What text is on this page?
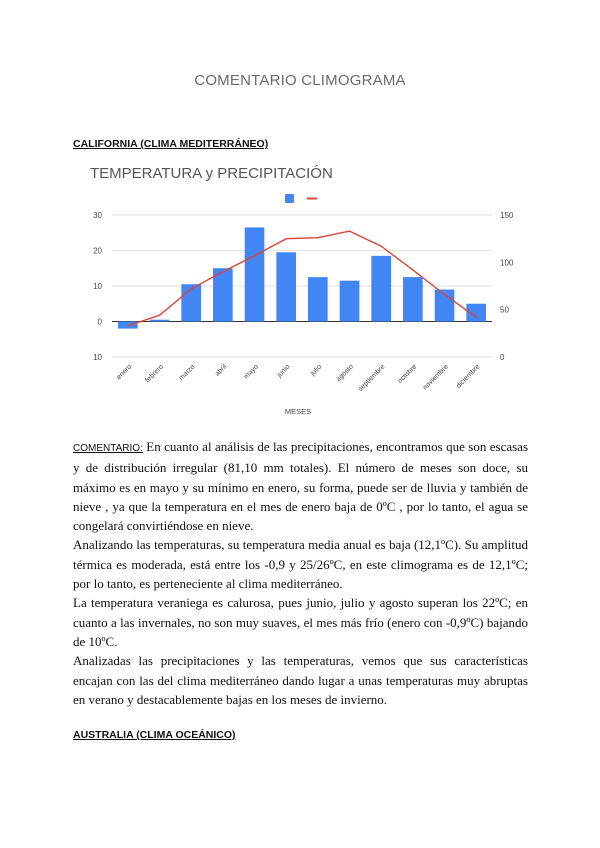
COMENTARIO CLIMOGRAMA
CALIFORNIA (CLIMA MEDITERRÁNEO)
TEMPERATURA y PRECIPITACIÓN
30
20
10
0
10
150
100
50
0
enero febrero marzo abril mayo junio	julio agosto septiembre octubre noviembre diciembre
MESES

COMENTARIO: En cuanto al análisis de las precipitaciones, encontramos que son escasas y de distribución irregular (81,10 mm totales). El número de meses son doce, su máximo es en mayo y su mínimo en enero, su forma, puede ser de lluvia y también de nieve , ya que la temperatura en el mes de enero baja de 0ºC , por lo tanto, el agua se congelará convirtiéndose en nieve.

Analizando las temperaturas, su temperatura media anual es baja (12,1ºC). Su amplitud térmica es moderada, está entre los -0,9 y 25/26ºC, en este climograma es de 12,1ºC; por lo tanto, es perteneciente al clima mediterráneo.

La temperatura veraniega es calurosa, pues junio, julio y agosto superan los 22ºC; en cuanto a las invernales, no son muy suaves, el mes más frío (enero con -0,9ºC) bajando de 10ºC.

Analizadas las precipitaciones y las temperaturas, vemos que sus características encajan con las del clima mediterráneo dando lugar a unas temperaturas muy abruptas en verano y destacablemente bajas en los meses de invierno.

AUSTRALIA (CLIMA OCEÁNICO)
